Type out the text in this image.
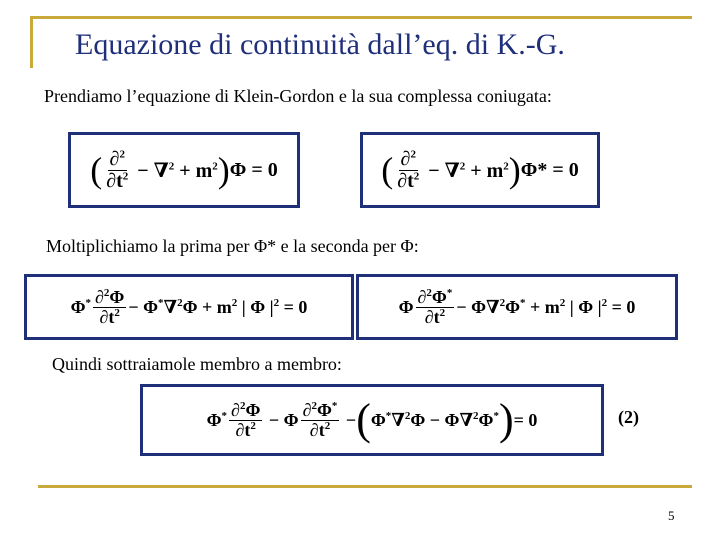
Equazione di continuità dall’eq. di K.-G.
Prendiamo l’equazione di Klein-Gordon e la sua complessa coniugata:
( $\frac{\partial^2}{\partial t^2} - \nabla^2 + m^2$ ) Φ = 0	( $\frac{\partial^2}{\partial t^2} - \nabla^2 + m^2$ ) Φ* = 0
Moltiplichiamo la prima per Φ* e la seconda per Φ:
$\Phi^* \frac{\partial^2\Phi}{\partial t^2} - \Phi^*\nabla^2\Phi + m^2$ | Φ $|^2 = 0$	Φ $\frac{\partial^2\Phi^*}{\partial t^2} - \Phi\nabla^2\Phi^* + m^2$ | Φ $|^2 = 0$
Quindi sottraiamole membro a membro:
$\Phi^* \frac{\partial^2\Phi}{\partial t^2} - \Phi \frac{\partial^2\Phi^*}{\partial t^2}$ − ( Φ*∇$^2$Φ − Φ∇$^2$Φ* ) = 0	(2)
5
